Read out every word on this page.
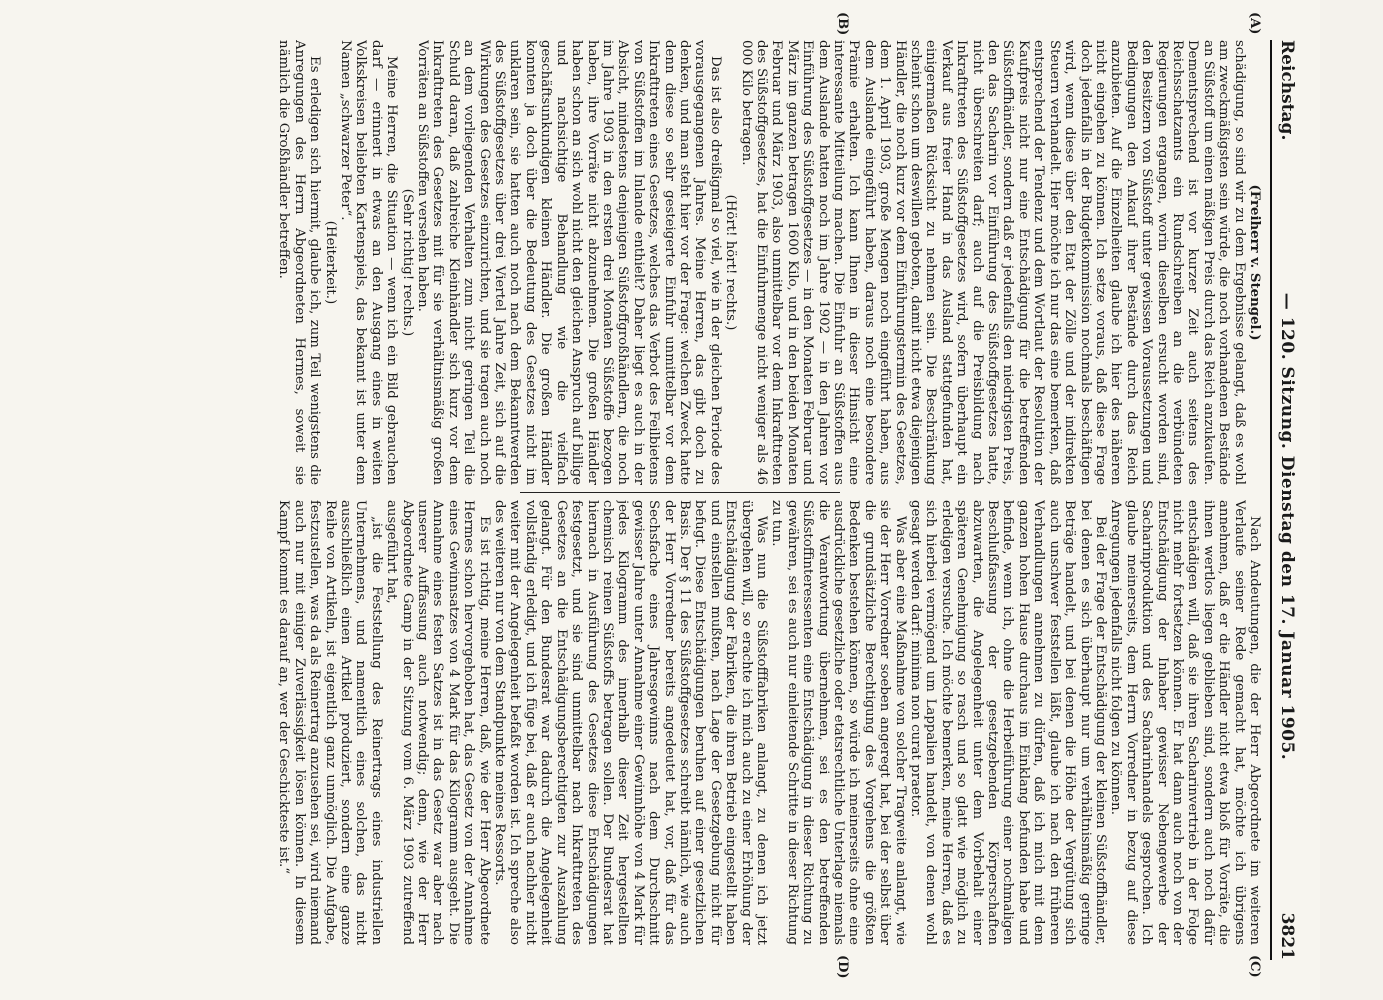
Reichstag.
— 120. Sitzung. Dienstag den 17. Januar 1905.
3821
(A)
(B)
(C)
(D)

(Freiherr v. Stengel.)

schädigung, so sind wir zu dem Ergebnisse gelangt, daß es wohl am zweckmäßigsten sein würde, die noch vorhandenen Bestände an Süßstoff um einen mäßigen Preis durch das Reich anzukaufen. Dementsprechend ist vor kurzer Zeit auch seitens des Reichsschatzamts ein Rundschreiben an die verbündeten Regierungen ergangen, worin dieselben ersucht worden sind, den Besitzern von Süßstoff unter gewissen Voraussetzungen und Bedingungen den Ankauf ihrer Bestände durch das Reich anzubieten. Auf die Einzelheiten glaube ich hier des näheren nicht eingehen zu können. Ich setze voraus, daß diese Frage doch jedenfalls in der Budgetkommission nochmals beschäftigen wird, wenn diese über den Etat der Zölle und der indirekten Steuern verhandelt. Hier möchte ich nur das eine bemerken, daß entsprechend der Tendenz und dem Wortlaut der Resolution der Kaufpreis nicht nur eine Entschädigung für die betreffenden Süßstoffhändler, sondern daß er jedenfalls den niedrigsten Preis, den das Sacharin vor Einführung des Süßstoffgesetzes hatte, nicht überschreiten darf; auch auf die Preisbildung nach Inkrafttreten des Süßstoffgesetzes wird, sofern überhaupt ein Verkauf aus freier Hand in das Ausland stattgefunden hat, einigermaßen Rücksicht zu nehmen sein. Die Beschränkung scheint schon um deswillen geboten, damit nicht etwa diejenigen Händler, die noch kurz vor dem Einführungstermin des Gesetzes, dem 1. April 1903, große Mengen noch eingeführt haben, aus dem Auslande eingeführt haben, daraus noch eine besondere Prämie erhalten. Ich kann Ihnen in dieser Hinsicht eine interessante Mitteilung machen. Die Einfuhr an Süßstoffen aus dem Auslande hatten noch im Jahre 1902 — in den Jahren vor Einführung des Süßstoffgesetzes — in den Monaten Februar und März im ganzen betragen 1600 Kilo, und in den beiden Monaten Februar und März 1903, also unmittelbar vor dem Inkrafttreten des Süßstoffgesetzes, hat die Einfuhrmenge nicht weniger als 46 000 Kilo betragen.

(Hört! hört! rechts.)

Das ist also dreißigmal so viel, wie in der gleichen Periode des vorausgegangenen Jahres. Meine Herren, das gibt doch zu denken, und man steht hier vor der Frage: welchen Zweck hatte denn diese so sehr gesteigerte Einfuhr unmittelbar vor dem Inkrafttreten eines Gesetzes, welches das Verbot des Feilbietens von Süßstoffen im Inlande enthielt? Daher liegt es auch in der Absicht, mindestens denjenigen Süßstoffgroßhändlern, die noch im Jahre 1903 in den ersten drei Monaten Süßstoffe bezogen haben, ihre Vorräte nicht abzunehmen. Die großen Händler haben schon an sich wohl nicht den gleichen Anspruch auf billige und nachsichtige Behandlung wie die vielfach geschäftsunkundigen kleinen Händler. Die großen Händler konnten ja doch über die Bedeutung des Gesetzes nicht im unklaren sein, sie hatten auch noch nach dem Bekanntwerden des Süßstoffgesetzes über drei Viertel Jahre Zeit, sich auf die Wirkungen des Gesetzes einzurichten, und sie tragen auch noch an dem vorliegenden Verhalten zum nicht geringen Teil die Schuld daran, daß zahlreiche Kleinhändler sich kurz vor dem Inkrafttreten des Gesetzes mit für sie verhältnismäßig großen Vorräten an Süßstoffen versehen haben.

(Sehr richtig! rechts.)

Meine Herren, die Situation — wenn ich ein Bild gebrauchen darf — erinnert in etwas an den Ausgang eines in weiten Volkskreisen beliebten Kartenspiels, das bekannt ist unter dem Namen „schwarzer Peter“.

(Heiterkeit.)

Es erledigen sich hiermit, glaube ich, zum Teil wenigstens die Anregungen des Herrn Abgeordneten Hermes, soweit sie nämlich die Großhändler betreffen.

Nach Andeutungen, die der Herr Abgeordnete im weiteren Verlaufe seiner Rede gemacht hat, möchte ich übrigens annehmen, daß er die Händler nicht etwa bloß für Vorräte, die ihnen wertlos liegen geblieben sind, sondern auch noch dafür entschädigen will, daß sie ihren Sacharinvertrieb in der Folge nicht mehr fortsetzen können. Er hat dann auch noch von der Entschädigung der Inhaber gewisser Nebengewerbe der Sacharinproduktion und des Sacharinhandels gesprochen. Ich glaube meinerseits, dem Herrn Vorredner in bezug auf diese Anregungen jedenfalls nicht folgen zu können.

Bei der Frage der Entschädigung der kleinen Süßstoffhändler, bei denen es sich überhaupt nur um verhältnismäßig geringe Beträge handelt, und bei denen die Höhe der Vergütung sich auch unschwer feststellen läßt, glaube ich nach den früheren Verhandlungen annehmen zu dürfen, daß ich mich mit dem ganzen hohen Hause durchaus im Einklang befunden habe und befinde, wenn ich, ohne die Herbeiführung einer nochmaligen Beschlußfassung der gesetzgebenden Körperschaften abzuwarten, die Angelegenheit unter dem Vorbehalt einer späteren Genehmigung so rasch und so glatt wie möglich zu erledigen versuche. Ich möchte bemerken, meine Herren, daß es sich hierbei vermögend um Lappalien handelt, von denen wohl gesagt werden darf: minima non curat praetor.

Was aber eine Maßnahme von solcher Tragweite anlangt, wie sie der Herr Vorredner soeben angeregt hat, bei der selbst über die grundsätzliche Berechtigung des Vorgehens die größten Bedenken bestehen können, so würde ich meinerseits ohne eine ausdrückliche gesetzliche oder etatsrechtliche Unterlage niemals die Verantwortung übernehmen, sei es den betreffenden Süßstoffinteressenten eine Entschädigung in dieser Richtung zu gewähren, sei es auch nur einleitende Schritte in dieser Richtung zu tun.

Was nun die Süßstofffabriken anlangt, zu denen ich jetzt übergehen will, so erachte ich mich auch zu einer Erhöhung der Entschädigung der Fabriken, die ihren Betrieb eingestellt haben und einstellen mußten, nach Lage der Gesetzgebung nicht für befugt. Diese Entschädigungen beruhen auf einer gesetzlichen Basis. Der § 11 des Süßstoffgesetzes schreibt nämlich, wie auch der Herr Vorredner bereits angedeutet hat, vor, daß für das Sechsfache eines Jahresgewinns nach dem Durchschnitt gewisser Jahre unter Annahme einer Gewinnhöhe von 4 Mark für jedes Kilogramm des innerhalb dieser Zeit hergestellten chemisch reinen Süßstoffs betragen sollen. Der Bundesrat hat hiernach in Ausführung des Gesetzes diese Entschädigungen festgesetzt, und sie sind unmittelbar nach Inkrafttreten des Gesetzes an die Entschädigungsberechtigten zur Auszahlung gelangt. Für den Bundesrat war dadurch die Angelegenheit vollständig erledigt, und ich füge bei, daß er auch nachher nicht weiter mit der Angelegenheit befaßt worden ist. Ich spreche also des weiteren nur von dem Standpunkte meines Ressorts.

Es ist richtig, meine Herren, daß, wie der Herr Abgeordnete Hermes schon hervorgehoben hat, das Gesetz von der Annahme eines Gewinnsatzes von 4 Mark für das Kilogramm ausgeht. Die Annahme eines festen Satzes ist in das Gesetz war aber nach unserer Auffassung auch notwendig; denn, wie der Herr Abgeordnete Gamp in der Sitzung vom 6. März 1903 zutreffend ausgeführt hat,

„ist die Feststellung des Reinertrags eines industriellen Unternehmens, und namentlich eines solchen, das nicht ausschließlich einen Artikel produziert, sondern eine ganze Reihe von Artikeln, ist eigentlich ganz unmöglich. Die Aufgabe, festzustellen, was da als Reinertrag anzusehen sei, wird niemand auch nur mit einiger Zuverlässigkeit lösen können. In diesem Kampf kommt es darauf an, wer der Geschickteste ist.“
